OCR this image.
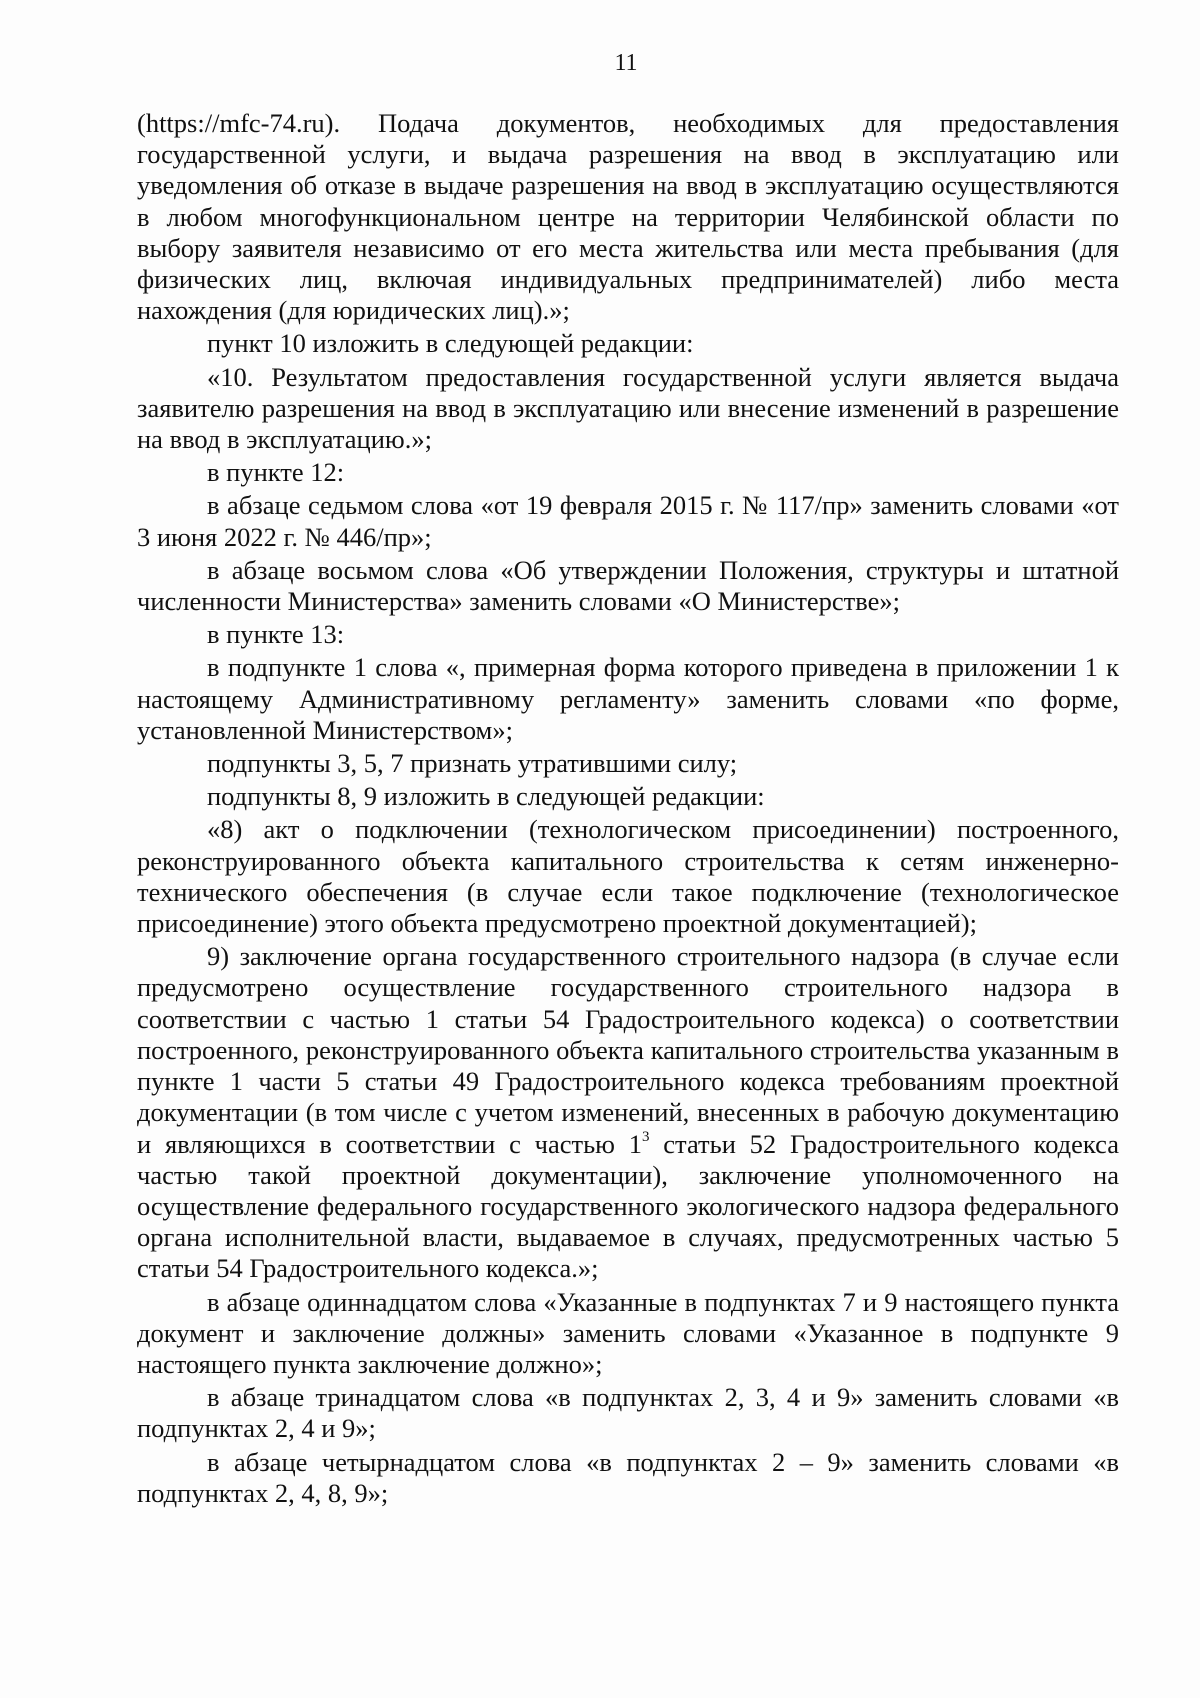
11

(https://mfc-74.ru). Подача документов, необходимых для предоставления государственной услуги, и выдача разрешения на ввод в эксплуатацию или уведомления об отказе в выдаче разрешения на ввод в эксплуатацию осуществляются в любом многофункциональном центре на территории Челябинской области по выбору заявителя независимо от его места жительства или места пребывания (для физических лиц, включая индивидуальных предпринимателей) либо места нахождения (для юридических лиц).»;

пункт 10 изложить в следующей редакции:

«10. Результатом предоставления государственной услуги является выдача заявителю разрешения на ввод в эксплуатацию или внесение изменений в разрешение на ввод в эксплуатацию.»;

в пункте 12:

в абзаце седьмом слова «от 19 февраля 2015 г. № 117/пр» заменить словами «от 3 июня 2022 г. № 446/пр»;

в абзаце восьмом слова «Об утверждении Положения, структуры и штатной численности Министерства» заменить словами «О Министерстве»;

в пункте 13:

в подпункте 1 слова «, примерная форма которого приведена в приложении 1 к настоящему Административному регламенту» заменить словами «по форме, установленной Министерством»;

подпункты 3, 5, 7 признать утратившими силу;

подпункты 8, 9 изложить в следующей редакции:

«8) акт о подключении (технологическом присоединении) построенного, реконструированного объекта капитального строительства к сетям инженерно-технического обеспечения (в случае если такое подключение (технологическое присоединение) этого объекта предусмотрено проектной документацией);

9) заключение органа государственного строительного надзора (в случае если предусмотрено осуществление государственного строительного надзора в соответствии с частью 1 статьи 54 Градостроительного кодекса) о соответствии построенного, реконструированного объекта капитального строительства указанным в пункте 1 части 5 статьи 49 Градостроительного кодекса требованиям проектной документации (в том числе с учетом изменений, внесенных в рабочую документацию и являющихся в соответствии с частью $1^3$ статьи 52 Градостроительного кодекса частью такой проектной документации), заключение уполномоченного на осуществление федерального государственного экологического надзора федерального органа исполнительной власти, выдаваемое в случаях, предусмотренных частью 5 статьи 54 Градостроительного кодекса.»;

в абзаце одиннадцатом слова «Указанные в подпунктах 7 и 9 настоящего пункта документ и заключение должны» заменить словами «Указанное в подпункте 9 настоящего пункта заключение должно»;

в абзаце тринадцатом слова «в подпунктах 2, 3, 4 и 9» заменить словами «в подпунктах 2, 4 и 9»;

в абзаце четырнадцатом слова «в подпунктах 2 – 9» заменить словами «в подпунктах 2, 4, 8, 9»;
